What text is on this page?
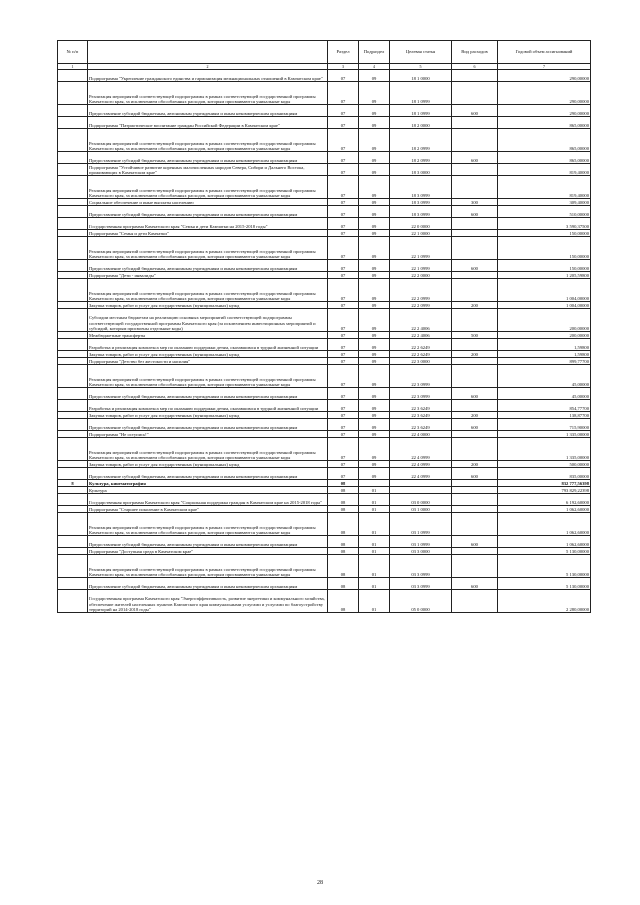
№ п/п		Раздел	Подраздел	Целевая статья	Вид расходов	Годовой объем ассигнований
1	2	3	4	5	6	7
	Подпрограмма "Укрепление гражданского единства и гармонизация межнациональных отношений в Камчатском крае"	07	09	18 1 0000		290,00000
	Реализация мероприятий соответствующей подпрограммы в рамках соответствующей государственной программы Камчатского края, за исключением обособленных расходов, которым присваиваются уникальные коды	07	09	18 1 0999		290,00000
	Предоставление субсидий бюджетным, автономным учреждениям и иным некоммерческим организациям	07	09	18 1 0999	600	290,00000
	Подпрограмма "Патриотическое воспитание граждан Российской Федерации в Камчатском крае"	07	09	18 2 0000		865,00000
	Реализация мероприятий соответствующей подпрограммы в рамках соответствующей государственной программы Камчатского края, за исключением обособленных расходов, которым присваиваются уникальные коды	07	09	18 2 0999		865,00000
	Предоставление субсидий бюджетным, автономным учреждениям и иным некоммерческим организациям	07	09	18 2 0999	600	865,00000
	Подпрограмма "Устойчивое развитие коренных малочисленных народов Севера, Сибири и Дальнего Востока, проживающих в Камчатском крае"	07	09	18 3 0000		819,40000
	Реализация мероприятий соответствующей подпрограммы в рамках соответствующей государственной программы Камчатского края, за исключением обособленных расходов, которым присваиваются уникальные коды	07	09	18 3 0999		819,40000
	Социальное обеспечение и иные выплаты населению	07	09	18 3 0999	300	309,40000
	Предоставление субсидий бюджетным, автономным учреждениям и иным некоммерческим организациям	07	09	18 3 0999	600	510,00000
	Государственная программа Камчатского края "Семья и дети Камчатки на 2015-2018 годы"	07	09	22 0 0000		3 590,37500
	Подпрограмма "Семья и дети Камчатки"	07	09	22 1 0000		150,00000
	Реализация мероприятий соответствующей подпрограммы в рамках соответствующей государственной программы Камчатского края, за исключением обособленных расходов, которым присваиваются уникальные коды	07	09	22 1 0999		150,00000
	Предоставление субсидий бюджетным, автономным учреждениям и иным некоммерческим организациям	07	09	22 1 0999	600	150,00000
	Подпрограмма "Дети - инвалиды"	07	09	22 2 0000		1 205,59800
	Реализация мероприятий соответствующей подпрограммы в рамках соответствующей государственной программы Камчатского края, за исключением обособленных расходов, которым присваиваются уникальные коды	07	09	22 2 0999		1 004,00000
	Закупка товаров, работ и услуг для государственных (муниципальных) нужд	07	09	22 2 0999	200	1 004,00000
	Субсидии местным бюджетам на реализацию основных мероприятий соответствующей подпрограммы соответствующей государственной программы Камчатского края (за исключением инвестиционных мероприятий и субсидий, которым присвоены отдельные коды)	07	09	22 2 4006		200,00000
	Межбюджетные трансферты	07	09	22 2 4006	500	200,00000
	Разработка и реализация комплекса мер по оказанию поддержки детям, оказавшимся в трудной жизненной ситуации	07	09	22 2 6249		1,59800
	Закупка товаров, работ и услуг для государственных (муниципальных) нужд	07	09	22 2 6249	200	1,59800
	Подпрограмма "Детство без жестокости и насилия"	07	09	22 3 0000		899,77700
	Реализация мероприятий соответствующей подпрограммы в рамках соответствующей государственной программы Камчатского края, за исключением обособленных расходов, которым присваиваются уникальные коды	07	09	22 3 0999		45,00000
	Предоставление субсидий бюджетным, автономным учреждениям и иным некоммерческим организациям	07	09	22 3 0999	600	45,00000
	Разработка и реализация комплекса мер по оказанию поддержки детям, оказавшимся в трудной жизненной ситуации	07	09	22 3 6249		854,77700
	Закупка товаров, работ и услуг для государственных (муниципальных) нужд	07	09	22 3 6249	200	138,87700
	Предоставление субсидий бюджетным, автономным учреждениям и иным некоммерческим организациям	07	09	22 3 6249	600	715,90000
	Подпрограмма "Не оступись!"	07	09	22 4 0000		1 335,00000
	Реализация мероприятий соответствующей подпрограммы в рамках соответствующей государственной программы Камчатского края, за исключением обособленных расходов, которым присваиваются уникальные коды	07	09	22 4 0999		1 335,00000
	Закупка товаров, работ и услуг для государственных (муниципальных) нужд	07	09	22 4 0999	200	500,00000
	Предоставление субсидий бюджетным, автономным учреждениям и иным некоммерческим организациям	07	09	22 4 0999	600	835,00000
8	Культура, кинематография	08				832 777,56398
	Культура	08	01			793 829,22398
	Государственная программа Камчатского края "Социальная поддержка граждан в Камчатском крае на 2015-2018 годы"	08	01	03 0 0000		6 192,60000
	Подпрограмма "Старшее поколение в Камчатском крае"	08	01	03 1 0000		1 062,60000
	Реализация мероприятий соответствующей подпрограммы в рамках соответствующей государственной программы Камчатского края, за исключением обособленных расходов, которым присваиваются уникальные коды	08	01	03 1 0999		1 062,60000
	Предоставление субсидий бюджетным, автономным учреждениям и иным некоммерческим организациям	08	01	03 1 0999	600	1 062,60000
	Подпрограмма "Доступная среда в Камчатском крае"	08	01	03 3 0000		5 130,00000
	Реализация мероприятий соответствующей подпрограммы в рамках соответствующей государственной программы Камчатского края, за исключением обособленных расходов, которым присваиваются уникальные коды	08	01	03 3 0999		5 130,00000
	Предоставление субсидий бюджетным, автономным учреждениям и иным некоммерческим организациям	08	01	03 3 0999	600	5 130,00000
	Государственная программа Камчатского края "Энергоэффективность, развитие энергетики и коммунального хозяйства, обеспечение жителей населенных пунктов Камчатского края коммунальными услугами и услугами по благоустройству территорий на 2014-2018 годы"	08	01	05 0 0000		2 280,00000
28
